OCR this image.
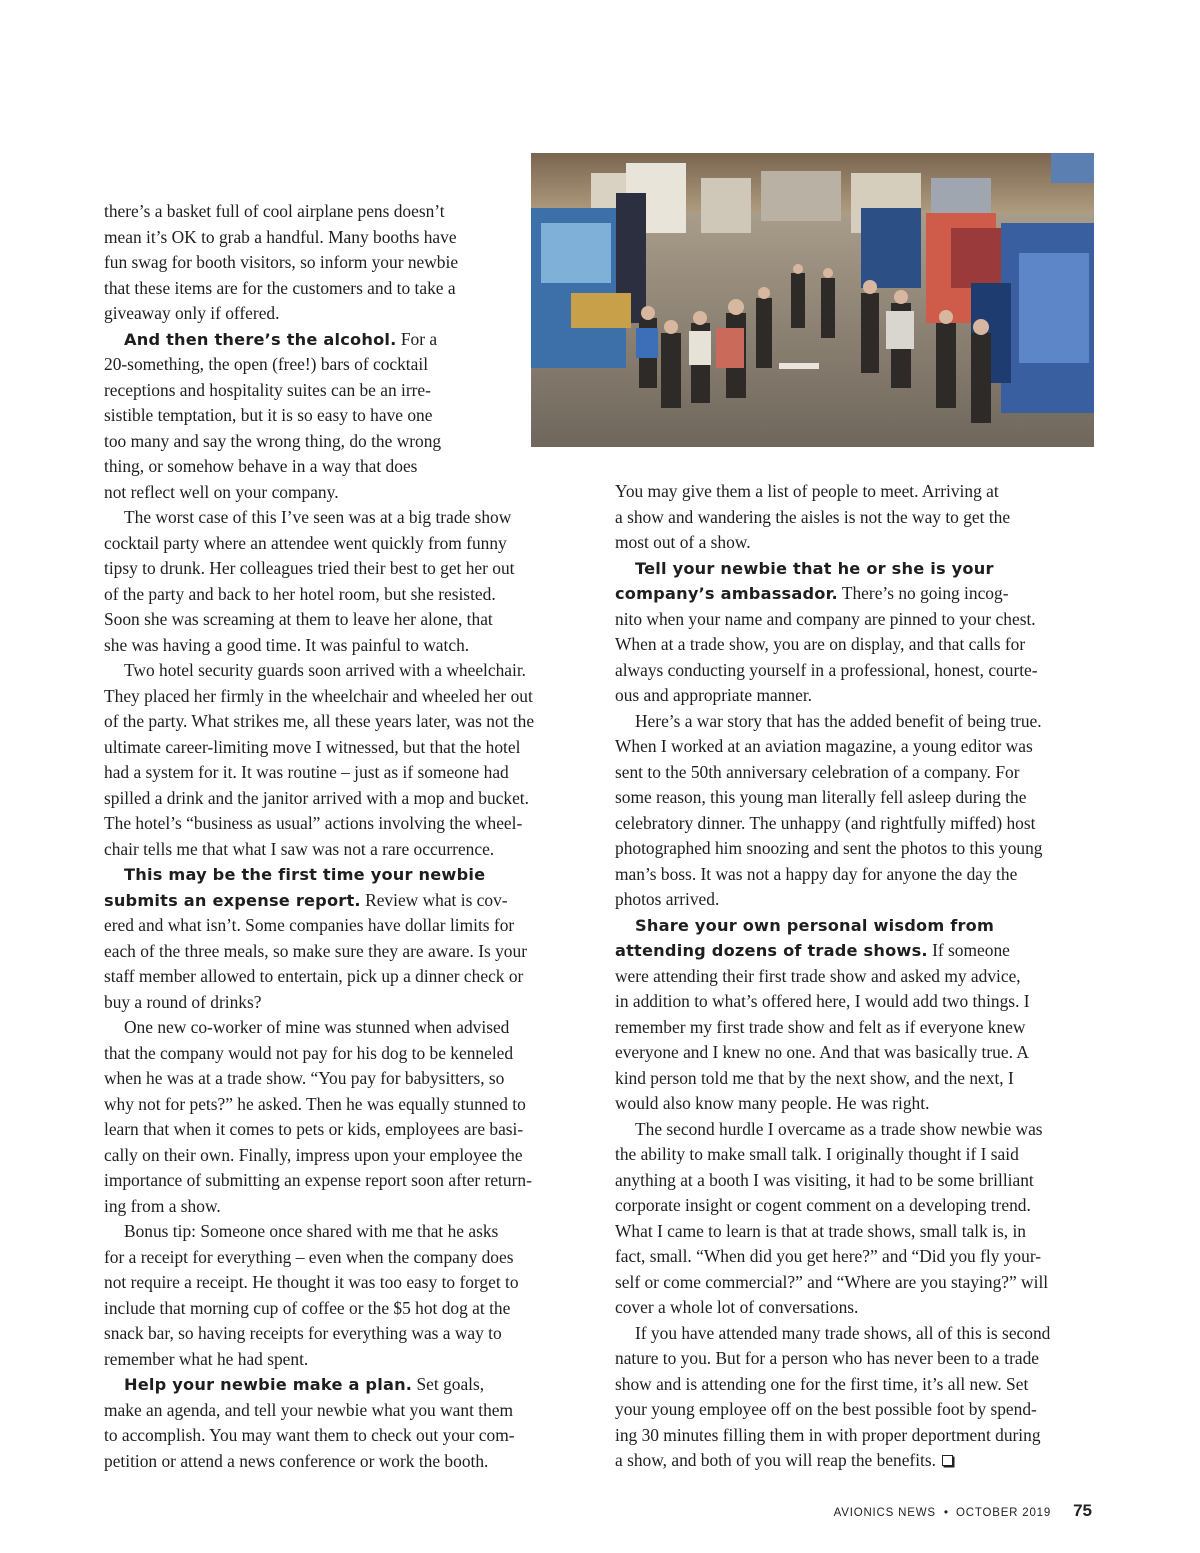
there’s a basket full of cool airplane pens doesn’t
mean it’s OK to grab a handful. Many booths have
fun swag for booth visitors, so inform your newbie
that these items are for the customers and to take a
giveaway only if offered.

And then there’s the alcohol. For a
20-something, the open (free!) bars of cocktail
receptions and hospitality suites can be an irre-
sistible temptation, but it is so easy to have one
too many and say the wrong thing, do the wrong
thing, or somehow behave in a way that does
not reflect well on your company.

The worst case of this I’ve seen was at a big trade show
cocktail party where an attendee went quickly from funny
tipsy to drunk. Her colleagues tried their best to get her out
of the party and back to her hotel room, but she resisted.
Soon she was screaming at them to leave her alone, that
she was having a good time. It was painful to watch.

Two hotel security guards soon arrived with a wheelchair.
They placed her firmly in the wheelchair and wheeled her out
of the party. What strikes me, all these years later, was not the
ultimate career-limiting move I witnessed, but that the hotel
had a system for it. It was routine – just as if someone had
spilled a drink and the janitor arrived with a mop and bucket.
The hotel’s “business as usual” actions involving the wheel-
chair tells me that what I saw was not a rare occurrence.

This may be the first time your newbie
submits an expense report. Review what is cov-
ered and what isn’t. Some companies have dollar limits for
each of the three meals, so make sure they are aware. Is your
staff member allowed to entertain, pick up a dinner check or
buy a round of drinks?

One new co-worker of mine was stunned when advised
that the company would not pay for his dog to be kenneled
when he was at a trade show. “You pay for babysitters, so
why not for pets?” he asked. Then he was equally stunned to
learn that when it comes to pets or kids, employees are basi-
cally on their own. Finally, impress upon your employee the
importance of submitting an expense report soon after return-
ing from a show.

Bonus tip: Someone once shared with me that he asks
for a receipt for everything – even when the company does
not require a receipt. He thought it was too easy to forget to
include that morning cup of coffee or the $5 hot dog at the
snack bar, so having receipts for everything was a way to
remember what he had spent.

Help your newbie make a plan. Set goals,
make an agenda, and tell your newbie what you want them
to accomplish. You may want them to check out your com-
petition or attend a news conference or work the booth.

You may give them a list of people to meet. Arriving at
a show and wandering the aisles is not the way to get the
most out of a show.

Tell your newbie that he or she is your
company’s ambassador. There’s no going incog-
nito when your name and company are pinned to your chest.
When at a trade show, you are on display, and that calls for
always conducting yourself in a professional, honest, courte-
ous and appropriate manner.

Here’s a war story that has the added benefit of being true.
When I worked at an aviation magazine, a young editor was
sent to the 50th anniversary celebration of a company. For
some reason, this young man literally fell asleep during the
celebratory dinner. The unhappy (and rightfully miffed) host
photographed him snoozing and sent the photos to this young
man’s boss. It was not a happy day for anyone the day the
photos arrived.

Share your own personal wisdom from
attending dozens of trade shows. If someone
were attending their first trade show and asked my advice,
in addition to what’s offered here, I would add two things. I
remember my first trade show and felt as if everyone knew
everyone and I knew no one. And that was basically true. A
kind person told me that by the next show, and the next, I
would also know many people. He was right.

The second hurdle I overcame as a trade show newbie was
the ability to make small talk. I originally thought if I said
anything at a booth I was visiting, it had to be some brilliant
corporate insight or cogent comment on a developing trend.
What I came to learn is that at trade shows, small talk is, in
fact, small. “When did you get here?” and “Did you fly your-
self or come commercial?” and “Where are you staying?” will
cover a whole lot of conversations.

If you have attended many trade shows, all of this is second
nature to you. But for a person who has never been to a trade
show and is attending one for the first time, it’s all new. Set
your young employee off on the best possible foot by spend-
ing 30 minutes filling them in with proper deportment during
a show, and both of you will reap the benefits.

AVIONICS NEWS • OCTOBER 2019 75
